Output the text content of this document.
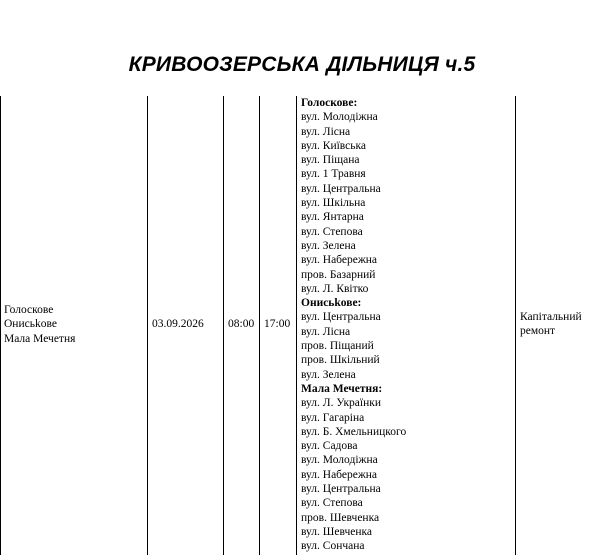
КРИВООЗЕРСЬКА ДІЛЬНИЦЯ ч.5
Голоскове
Онисьkове
Мала Мечетня
03.09.2026 08:00 17:00
Голоскове:
вул. Молодіжна
вул. Лісна
вул. Київська
вул. Піщана
вул. 1 Травня
вул. Центральна
вул. Шкільна
вул. Янтарна
вул. Степова
вул. Зелена
вул. Набережна
пров. Базарний
вул. Л. Квітко
Онисьkове:
вул. Центральна
вул. Лісна
пров. Піщаний
пров. Шкільний
вул. Зелена
Мала Мечетня:
вул. Л. Українки
вул. Гагаріна
вул. Б. Хмельницкого
вул. Садова
вул. Молодіжна
вул. Набережна
вул. Центральна
вул. Степова
пров. Шевченка
вул. Шевченка
вул. Сончана
Капітальний
ремонт
